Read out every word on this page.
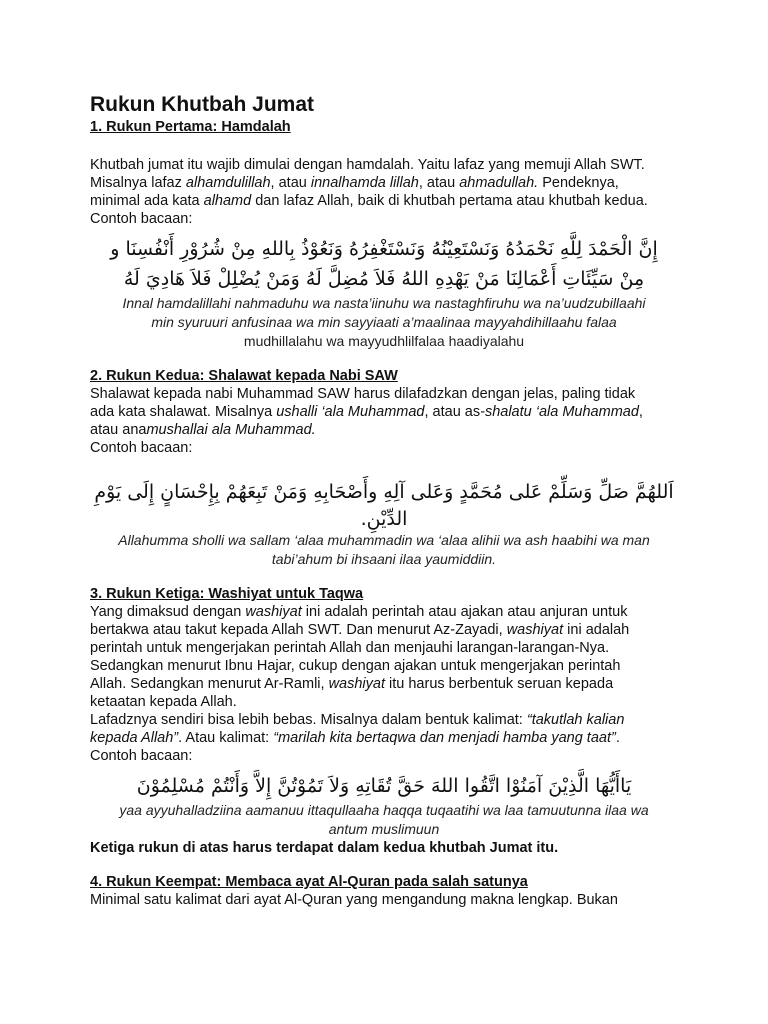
Rukun Khutbah Jumat

1. Rukun Pertama: Hamdalah

Khutbah jumat itu wajib dimulai dengan hamdalah. Yaitu lafaz yang memuji Allah SWT.

Misalnya lafaz alhamdulillah, atau innalhamda lillah, atau ahmadullah. Pendeknya,

minimal ada kata alhamd dan lafaz Allah, baik di khutbah pertama atau khutbah kedua.

Contoh bacaan:

إِنَّ الْحَمْدَ لِلَّهِ نَحْمَدُهُ وَنَسْتَعِيْنُهُ وَنَسْتَغْفِرُهُ وَنَعُوْذُ بِاللهِ مِنْ شُرُوْرِ أَنْفُسِنَا و

مِنْ سَيِّئَاتِ أَعْمَالِنَا مَنْ يَهْدِهِ اللهُ فَلاَ مُضِلَّ لَهُ وَمَنْ يُضْلِلْ فَلاَ هَادِيَ لَهُ

Innal hamdalillahi nahmaduhu wa nasta’iinuhu wa nastaghfiruhu wa na’uudzubillaahi

min syuruuri anfusinaa wa min sayyiaati a’maalinaa mayyahdihillaahu falaa

mudhillalahu wa mayyudhlilfalaa haadiyalahu

2. Rukun Kedua: Shalawat kepada Nabi SAW

Shalawat kepada nabi Muhammad SAW harus dilafadzkan dengan jelas, paling tidak

ada kata shalawat. Misalnya ushalli ‘ala Muhammad, atau as-shalatu ‘ala Muhammad,

atau anamushallai ala Muhammad.

Contoh bacaan:

اَللهُمَّ صَلِّ وَسَلِّمْ عَلى مُحَمَّدٍ وَعَلى آلِهِ وأَصْحَابِهِ وَمَنْ تَبِعَهُمْ بِإِحْسَانٍ إِلَى يَوْمِ

الدِّيْنِ.

Allahumma sholli wa sallam ‘alaa muhammadin wa ‘alaa alihii wa ash haabihi wa man

tabi’ahum bi ihsaani ilaa yaumiddiin.

3. Rukun Ketiga: Washiyat untuk Taqwa

Yang dimaksud dengan washiyat ini adalah perintah atau ajakan atau anjuran untuk

bertakwa atau takut kepada Allah SWT. Dan menurut Az-Zayadi, washiyat ini adalah

perintah untuk mengerjakan perintah Allah dan menjauhi larangan-larangan-Nya.

Sedangkan menurut Ibnu Hajar, cukup dengan ajakan untuk mengerjakan perintah

Allah. Sedangkan menurut Ar-Ramli, washiyat itu harus berbentuk seruan kepada

ketaatan kepada Allah.

Lafadznya sendiri bisa lebih bebas. Misalnya dalam bentuk kalimat: “takutlah kalian

kepada Allah”. Atau kalimat: “marilah kita bertaqwa dan menjadi hamba yang taat”.

Contoh bacaan:

يَاأَيُّهَا الَّذِيْنَ آمَنُوْا اتَّقُوا اللهَ حَقَّ تُقَاتِهِ وَلاَ تَمُوْتُنَّ إِلاَّ وَأَنْتُمْ مُسْلِمُوْنَ

yaa ayyuhalladziina aamanuu ittaqullaaha haqqa tuqaatihi wa laa tamuutunna ilaa wa

antum muslimuun

Ketiga rukun di atas harus terdapat dalam kedua khutbah Jumat itu.

4. Rukun Keempat: Membaca ayat Al-Quran pada salah satunya

Minimal satu kalimat dari ayat Al-Quran yang mengandung makna lengkap. Bukan
